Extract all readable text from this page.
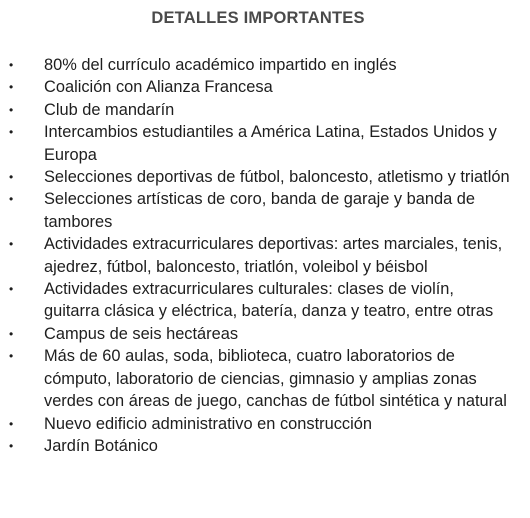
DETALLES IMPORTANTES
•	80% del currículo académico impartido en inglés
•	Coalición con Alianza Francesa
•	Club de mandarín
•	Intercambios estudiantiles a América Latina, Estados Unidos y Europa
•	Selecciones deportivas de fútbol, baloncesto, atletismo y triatlón
•	Selecciones artísticas de coro, banda de garaje y banda de tambores
•	Actividades extracurriculares deportivas: artes marciales, tenis, ajedrez, fútbol, baloncesto, triatlón, voleibol y béisbol
•	Actividades extracurriculares culturales: clases de violín, guitarra clásica y eléctrica, batería, danza y teatro, entre otras
•	Campus de seis hectáreas
•	Más de 60 aulas, soda, biblioteca, cuatro laboratorios de cómputo, laboratorio de ciencias, gimnasio y amplias zonas verdes con áreas de juego, canchas de fútbol sintética y natural
•	Nuevo edificio administrativo en construcción
•	Jardín Botánico
